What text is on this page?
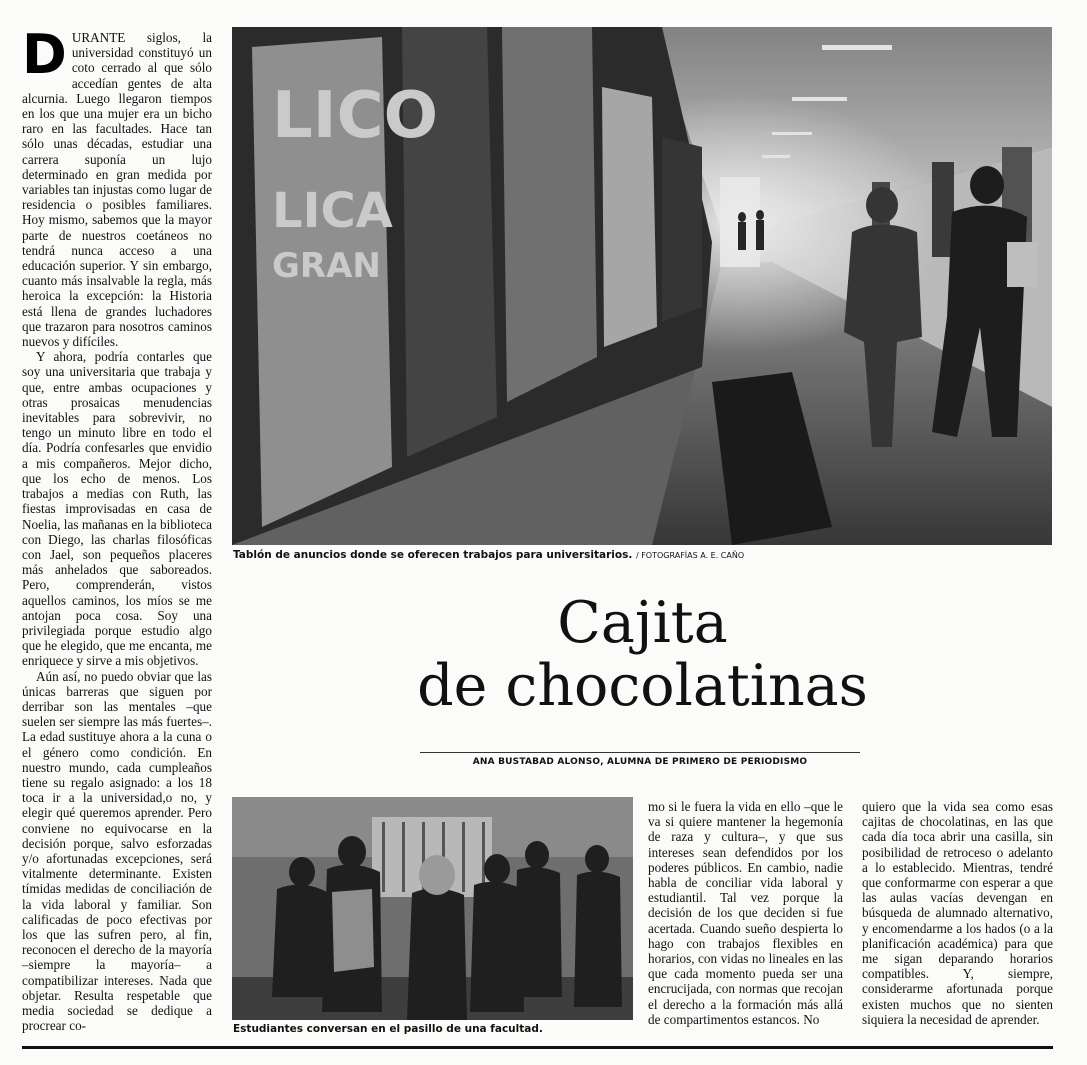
DURANTE siglos, la universidad constituyó un coto cerrado al que sólo accedían gentes de alta alcurnia. Luego llegaron tiempos en los que una mujer era un bicho raro en las facultades. Hace tan sólo unas décadas, estudiar una carrera suponía un lujo determinado en gran medida por variables tan injustas como lugar de residencia o posibles familiares. Hoy mismo, sabemos que la mayor parte de nuestros coetáneos no tendrá nunca acceso a una educación superior. Y sin embargo, cuanto más insalvable la regla, más heroica la excepción: la Historia está llena de grandes luchadores que trazaron para nosotros caminos nuevos y difíciles.

Y ahora, podría contarles que soy una universitaria que trabaja y que, entre ambas ocupaciones y otras prosaicas menudencias inevitables para sobrevivir, no tengo un minuto libre en todo el día. Podría confesarles que envidio a mis compañeros. Mejor dicho, que los echo de menos. Los trabajos a medias con Ruth, las fiestas improvisadas en casa de Noelia, las mañanas en la biblioteca con Diego, las charlas filosóficas con Jael, son pequeños placeres más anhelados que saboreados. Pero, comprenderán, vistos aquellos caminos, los míos se me antojan poca cosa. Soy una privilegiada porque estudio algo que he elegido, que me encanta, me enriquece y sirve a mis objetivos.

Aún así, no puedo obviar que las únicas barreras que siguen por derribar son las mentales –que suelen ser siempre las más fuertes–. La edad sustituye ahora a la cuna o el género como condición. En nuestro mundo, cada cumpleaños tiene su regalo asignado: a los 18 toca ir a la universidad,o no, y elegir qué queremos aprender. Pero conviene no equivocarse en la decisión porque, salvo esforzadas y/o afortunadas excepciones, será vitalmente determinante. Existen tímidas medidas de conciliación de la vida laboral y familiar. Son calificadas de poco efectivas por los que las sufren pero, al fin, reconocen el derecho de la mayoría –siempre la mayoría– a compatibilizar intereses. Nada que objetar. Resulta respetable que media sociedad se dedique a procrear co-

LICO
LICA
GRAN
Tablón de anuncios donde se oferecen trabajos para universitarios. / FOTOGRAFÍAS A. E. CAÑO
Cajita
de chocolatinas
ANA BUSTABAD ALONSO, ALUMNA DE PRIMERO DE PERIODISMO
Estudiantes conversan en el pasillo de una facultad.

mo si le fuera la vida en ello –que le va si quiere mantener la hegemonía de raza y cultura–, y que sus intereses sean defendidos por los poderes públicos. En cambio, nadie habla de conciliar vida laboral y estudiantil. Tal vez porque la decisión de los que deciden si fue acertada. Cuando sueño despierta lo hago con trabajos flexibles en horarios, con vidas no lineales en las que cada momento pueda ser una encrucijada, con normas que recojan el derecho a la formación más allá de compartimentos estancos. No

quiero que la vida sea como esas cajitas de chocolatinas, en las que cada día toca abrir una casilla, sin posibilidad de retroceso o adelanto a lo establecido. Mientras, tendré que conformarme con esperar a que las aulas vacías devengan en búsqueda de alumnado alternativo, y encomendarme a los hados (o a la planificación académica) para que me sigan deparando horarios compatibles. Y, siempre, considerarme afortunada porque existen muchos que no sienten siquiera la necesidad de aprender.
